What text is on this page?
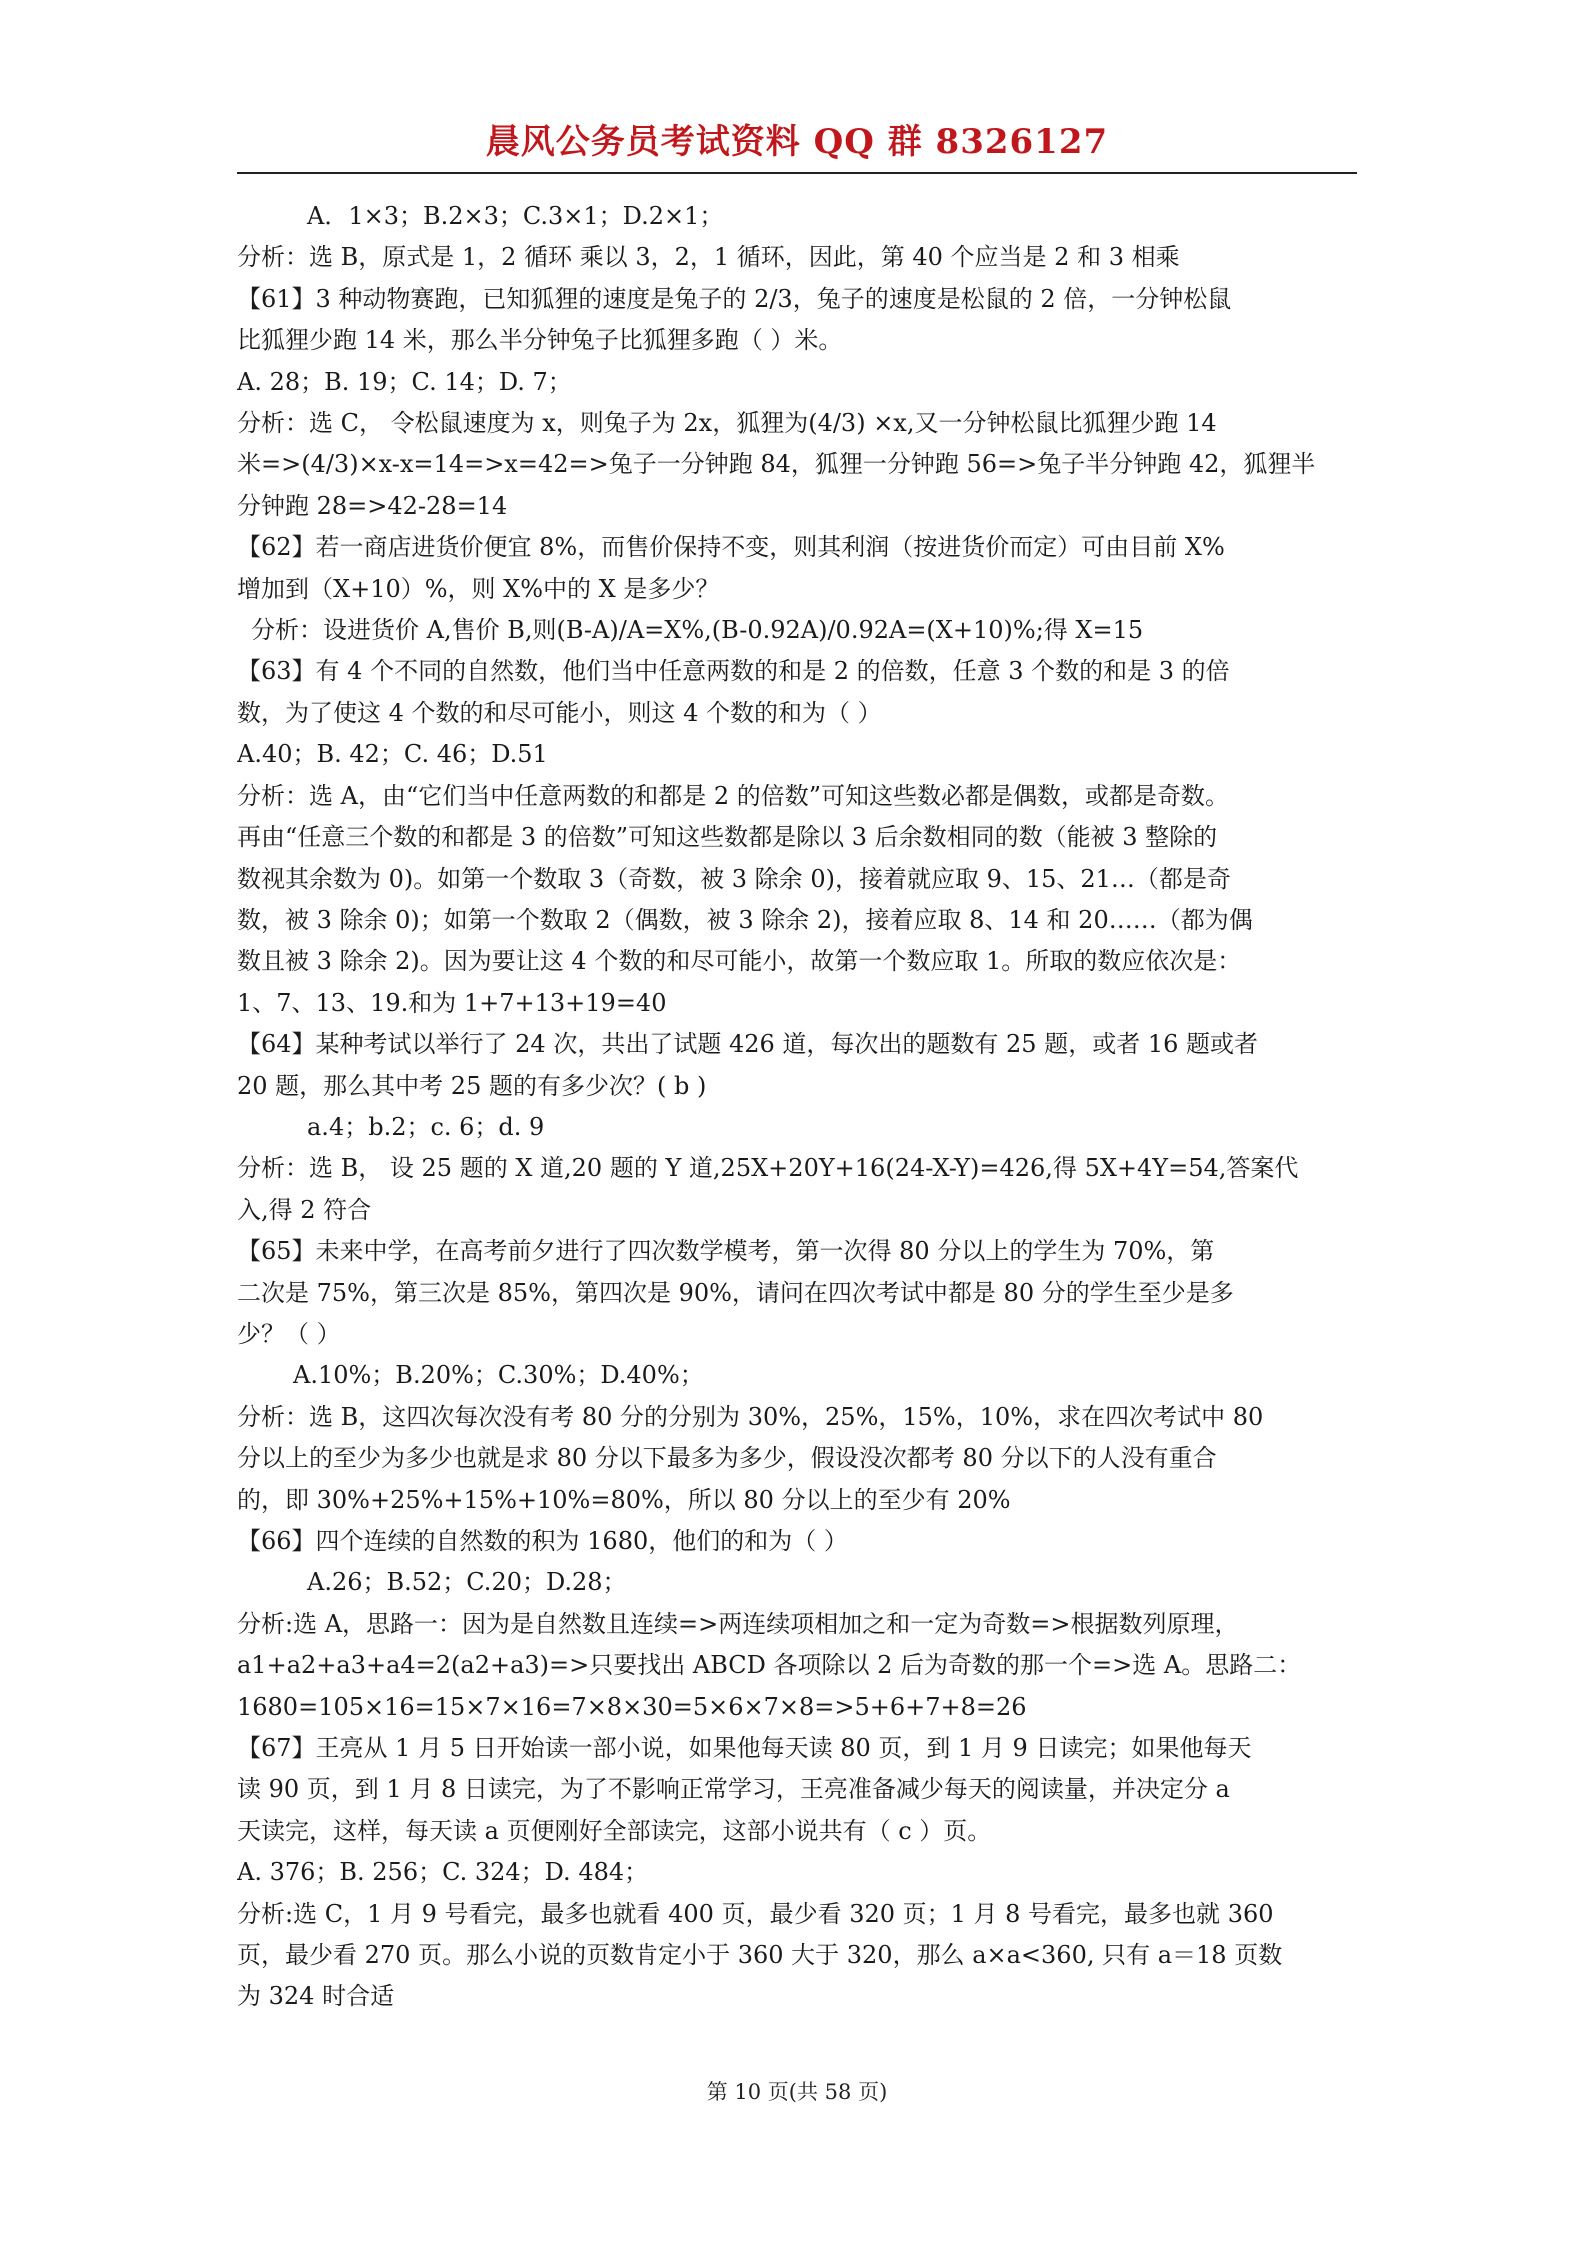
晨风公务员考试资料 QQ 群 8326127
A．1×3；B.2×3；C.3×1；D.2×1；
分析：选 B，原式是 1，2 循环 乘以 3，2，1 循环，因此，第 40 个应当是 2 和 3 相乘
【61】3 种动物赛跑，已知狐狸的速度是兔子的 2/3，兔子的速度是松鼠的 2 倍，一分钟松鼠
比狐狸少跑 14 米，那么半分钟兔子比狐狸多跑（ ）米。
A. 28；B. 19；C. 14；D. 7；
分析：选 C， 令松鼠速度为 x，则兔子为 2x，狐狸为(4/3) ×x,又一分钟松鼠比狐狸少跑 14
米=>(4/3)×x-x=14=>x=42=>兔子一分钟跑 84，狐狸一分钟跑 56=>兔子半分钟跑 42，狐狸半
分钟跑 28=>42-28=14
【62】若一商店进货价便宜 8%，而售价保持不变，则其利润（按进货价而定）可由目前 X%
增加到（X+10）%，则 X%中的 X 是多少？
分析：设进货价 A,售价 B,则(B-A)/A=X%,(B-0.92A)/0.92A=(X+10)%;得 X=15
【63】有 4 个不同的自然数，他们当中任意两数的和是 2 的倍数，任意 3 个数的和是 3 的倍
数，为了使这 4 个数的和尽可能小，则这 4 个数的和为（ ）
A.40；B. 42；C. 46；D.51
分析：选 A，由“它们当中任意两数的和都是 2 的倍数”可知这些数必都是偶数，或都是奇数。
再由“任意三个数的和都是 3 的倍数”可知这些数都是除以 3 后余数相同的数（能被 3 整除的
数视其余数为 0)。如第一个数取 3（奇数，被 3 除余 0)，接着就应取 9、15、21…（都是奇
数，被 3 除余 0)；如第一个数取 2（偶数，被 3 除余 2)，接着应取 8、14 和 20……（都为偶
数且被 3 除余 2)。因为要让这 4 个数的和尽可能小，故第一个数应取 1。所取的数应依次是：
1、7、13、19.和为 1+7+13+19=40
【64】某种考试以举行了 24 次，共出了试题 426 道，每次出的题数有 25 题，或者 16 题或者
20 题，那么其中考 25 题的有多少次？( b )
a.4；b.2；c. 6；d. 9
分析：选 B， 设 25 题的 X 道,20 题的 Y 道,25X+20Y+16(24-X-Y)=426,得 5X+4Y=54,答案代
入,得 2 符合
【65】未来中学，在高考前夕进行了四次数学模考，第一次得 80 分以上的学生为 70%，第
二次是 75%，第三次是 85%，第四次是 90%，请问在四次考试中都是 80 分的学生至少是多
少？（ ）
A.10%；B.20%；C.30%；D.40%；
分析：选 B，这四次每次没有考 80 分的分别为 30%，25%，15%，10%，求在四次考试中 80
分以上的至少为多少也就是求 80 分以下最多为多少，假设没次都考 80 分以下的人没有重合
的，即 30%+25%+15%+10%=80%，所以 80 分以上的至少有 20%
【66】四个连续的自然数的积为 1680，他们的和为（ ）
A.26；B.52；C.20；D.28；
分析:选 A，思路一：因为是自然数且连续=>两连续项相加之和一定为奇数=>根据数列原理，
a1+a2+a3+a4=2(a2+a3)=>只要找出 ABCD 各项除以 2 后为奇数的那一个=>选 A。思路二：
1680=105×16=15×7×16=7×8×30=5×6×7×8=>5+6+7+8=26
【67】王亮从 1 月 5 日开始读一部小说，如果他每天读 80 页，到 1 月 9 日读完；如果他每天
读 90 页，到 1 月 8 日读完，为了不影响正常学习，王亮准备减少每天的阅读量，并决定分 a
天读完，这样，每天读 a 页便刚好全部读完，这部小说共有（ c ）页。
A. 376；B. 256；C. 324；D. 484；
分析:选 C，1 月 9 号看完，最多也就看 400 页，最少看 320 页；1 月 8 号看完，最多也就 360
页，最少看 270 页。那么小说的页数肯定小于 360 大于 320，那么 a×a<360, 只有 a＝18 页数
为 324 时合适
第 10 页(共 58 页)
